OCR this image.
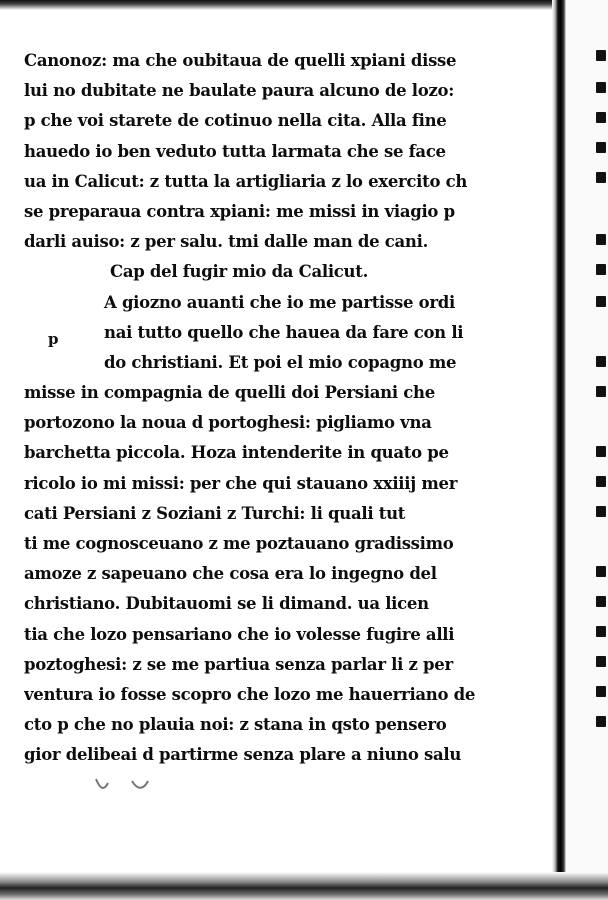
Canonoz: ma che oubitaua de quelli xpiani disse
lui no dubitate ne baulate paura alcuno de lozo:
p che voi starete de cotinuo nella cita. Alla fine
hauedo io ben veduto tutta larmata che se face
ua in Calicut: z tutta la artigliaria z lo exercito ch
se preparaua contra xpiani: me missi in viagio p
darli auiso: z per salu. tmi dalle man de cani.
Cap del fugir mio da Calicut.
A giozno auanti che io me partisse ordi
nai tutto quello che hauea da fare con li
do christiani. Et poi el mio copagno me
misse in compagnia de quelli doi Persiani che
portozono la noua d portoghesi: pigliamo vna
barchetta piccola. Hoza intenderite in quato pe
ricolo io mi missi: per che qui stauano xxiiij mer
cati Persiani z Soziani z Turchi: li quali tut
ti me cognosceuano z me poztauano gradissimo
amoze z sapeuano che cosa era lo ingegno del
christiano. Dubitauomi se li dimand. ua licen
tia che lozo pensariano che io volesse fugire alli
poztoghesi: z se me partiua senza parlar li z per
ventura io fosse scopro che lozo me hauerriano de
cto p che no plauia noi: z stana in qsto pensero
gior delibeai d partirme senza plare a niuno salu
p
